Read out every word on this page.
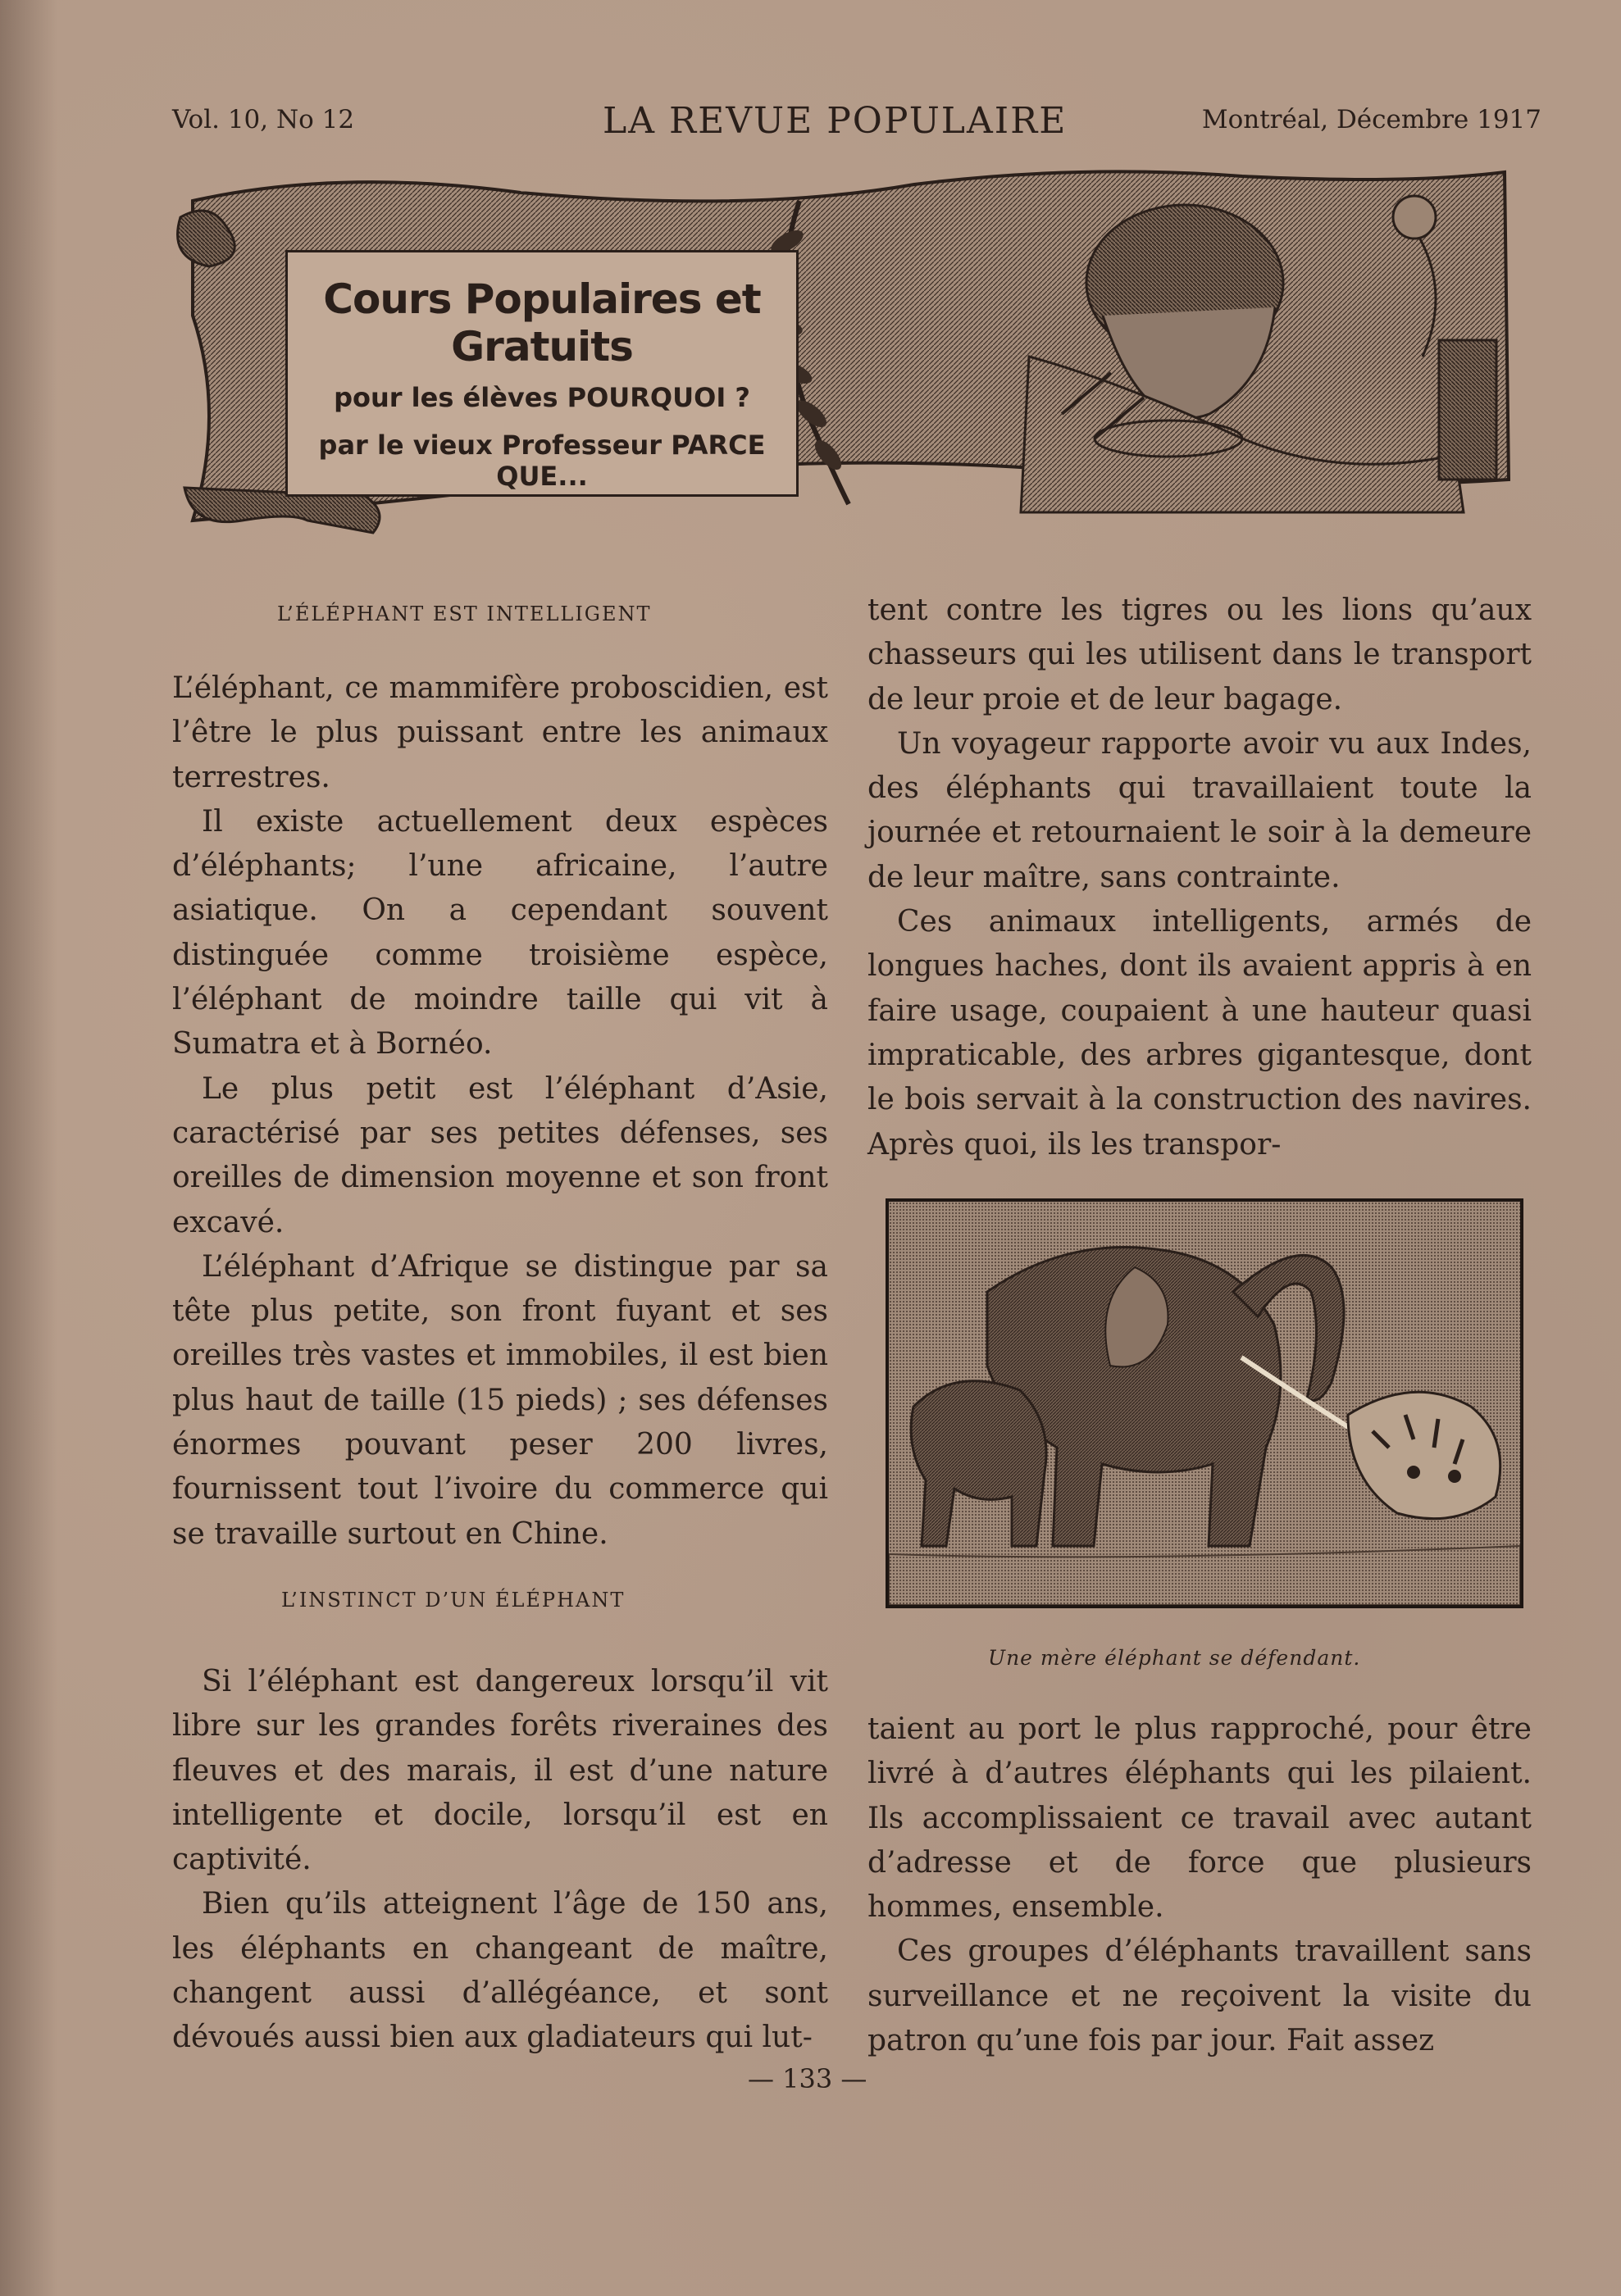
Vol. 10, No 12	LA REVUE POPULAIRE	Montréal, Décembre 1917
Cours Populaires et Gratuits
pour les élèves POURQUOI ?
par le vieux Professeur PARCE QUE...
L’ÉLÉPHANT EST INTELLIGENT

L’éléphant, ce mammifère proboscidien, est l’être le plus puissant entre les animaux terrestres.

Il existe actuellement deux espèces d’éléphants; l’une africaine, l’autre asiatique. On a cependant souvent distinguée comme troisième espèce, l’éléphant de moindre taille qui vit à Sumatra et à Bornéo.

Le plus petit est l’éléphant d’Asie, caractérisé par ses petites défenses, ses oreilles de dimension moyenne et son front excavé.

L’éléphant d’Afrique se distingue par sa tête plus petite, son front fuyant et ses oreilles très vastes et immobiles, il est bien plus haut de taille (15 pieds) ; ses défenses énormes pouvant peser 200 livres, fournissent tout l’ivoire du commerce qui se travaille surtout en Chine.

L’INSTINCT D’UN ÉLÉPHANT

Si l’éléphant est dangereux lorsqu’il vit libre sur les grandes forêts riveraines des fleuves et des marais, il est d’une nature intelligente et docile, lorsqu’il est en captivité.

Bien qu’ils atteignent l’âge de 150 ans, les éléphants en changeant de maître, changent aussi d’allégéance, et sont dévoués aussi bien aux gladiateurs qui lut-

tent contre les tigres ou les lions qu’aux chasseurs qui les utilisent dans le transport de leur proie et de leur bagage.

Un voyageur rapporte avoir vu aux Indes, des éléphants qui travaillaient toute la journée et retournaient le soir à la demeure de leur maître, sans contrainte.

Ces animaux intelligents, armés de longues haches, dont ils avaient appris à en faire usage, coupaient à une hauteur quasi impraticable, des arbres gigantesque, dont le bois servait à la construction des navires. Après quoi, ils les transpor-

Une mère éléphant se défendant.

taient au port le plus rapproché, pour être livré à d’autres éléphants qui les pilaient. Ils accomplissaient ce travail avec autant d’adresse et de force que plusieurs hommes, ensemble.

Ces groupes d’éléphants travaillent sans surveillance et ne reçoivent la visite du patron qu’une fois par jour. Fait assez

— 133 —
